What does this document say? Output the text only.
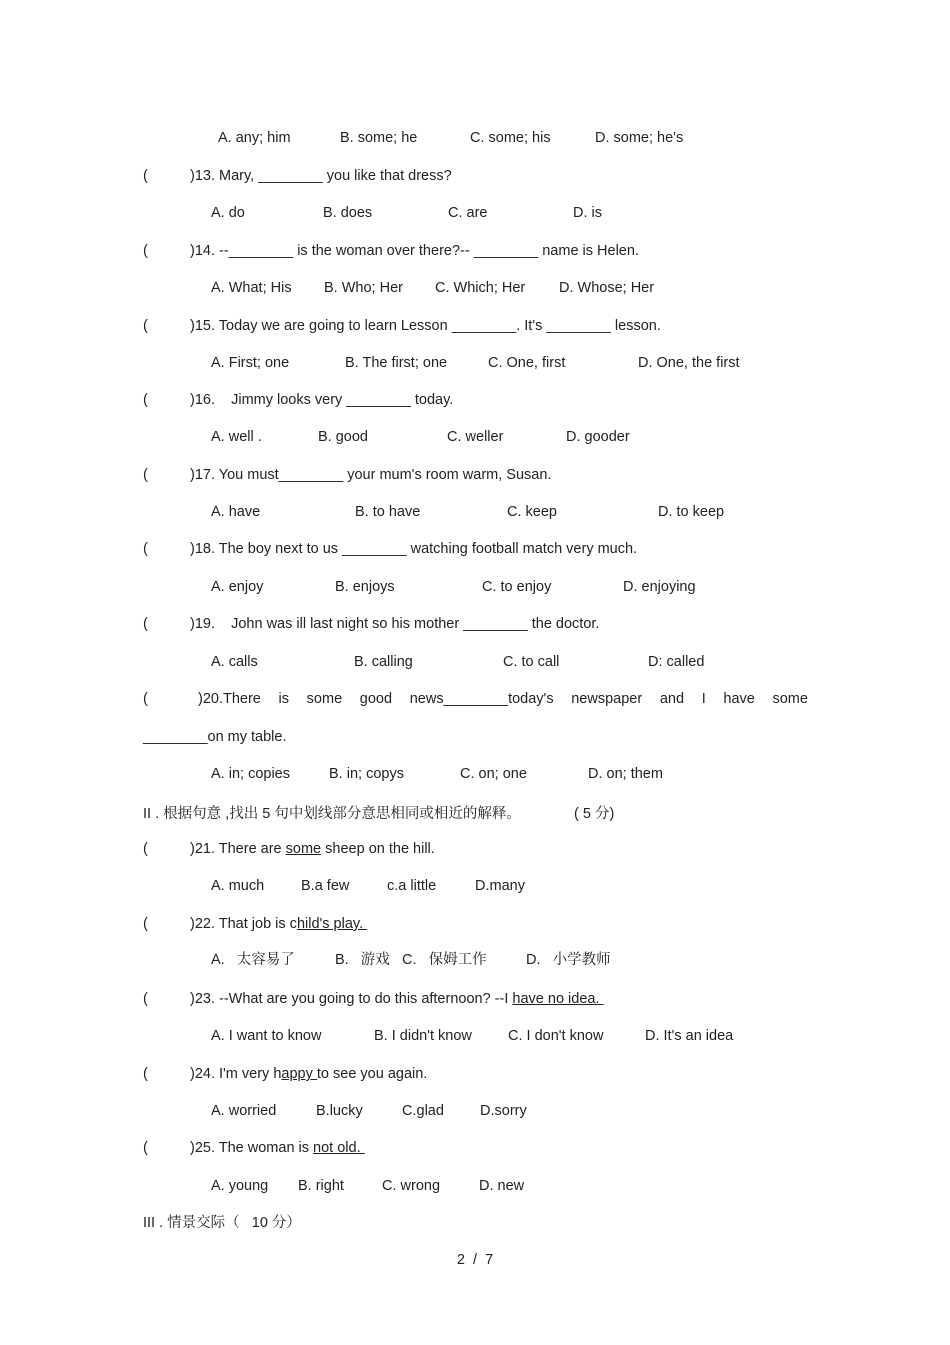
A. any; him	B. some; he	C. some; his	D. some; he's
(	)13. Mary, ________ you like that dress?
A. do	B. does	C. are	D. is
(	)14. --________ is the woman over there?-- ________ name is Helen.
A. What; His B. Who; Her C. Which; Her D. Whose; Her
(	)15. Today we are going to learn Lesson ________. It's ________ lesson.
A. First; one	B. The first; one	C. One, first	D. One, the first
(	)16.    Jimmy looks very ________ today.
A. well .	B. good	C. weller	D. gooder
(	)17. You must________ your mum's room warm, Susan.
A. have	B. to have	C. keep	D. to keep
(	)18. The boy next to us ________ watching football match very much.
A. enjoy	B. enjoys	C. to enjoy	D. enjoying
(	)19.    John was ill last night so his mother ________ the doctor.
A. calls	B. calling	C. to call	D: called
(	)20.There is some good news________today's newspaper and I have some
________on my table.
A. in; copies	B. in; copys	C. on; one	D. on; them
II . 根据句意 ,找出 5 句中划线部分意思相同或相近的解释。	( 5 分)
(	)21. There are some sheep on the hill.
A. much	B.a few	c.a little	D.many
(	)22. That job is child's play.
A.   太容易了	B.   游戏 C.   保姆工作	D.   小学教师
(	)23. --What are you going to do this afternoon? --I have no idea.
A. I want to know	B. I didn't know C. I don't know	D. It's an idea
(	)24. I'm very happy to see you again.
A. worried	B.lucky	C.glad D.sorry
(	)25. The woman is not old.
A. young B. right	C. wrong	D. new
III . 情景交际（   10 分）
2  /  7
